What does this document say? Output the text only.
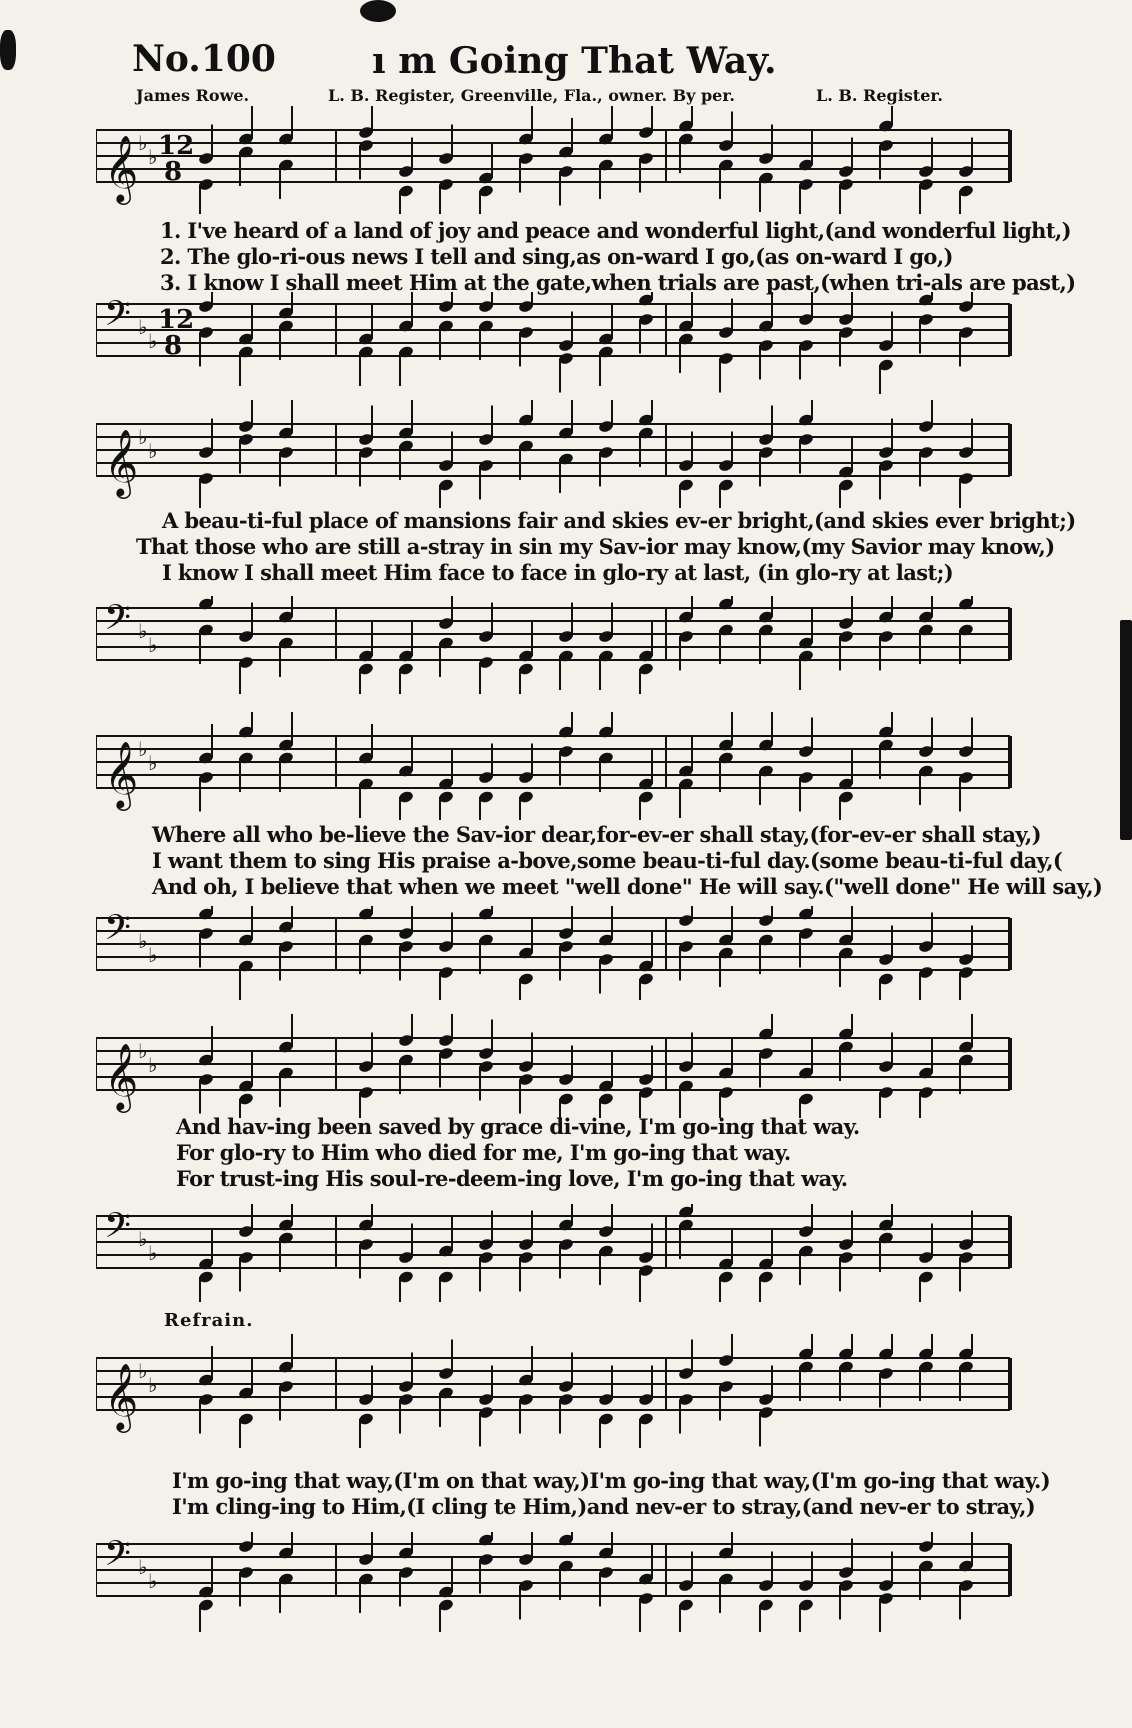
No.100	ı m Going That Way.
James Rowe.	L. B. Register, Greenville, Fla., owner. By per.	L. B. Register.
𝄞 ♭
♭ 12
8
1. I've heard of a land of joy and peace and wonderful light,(and wonderful light,)
2. The glo-ri-ous news I tell and sing,as on-ward I go,(as on-ward I go,)
3. I know I shall meet Him at the gate,when trials are past,(when tri-als are past,)
𝄢 ♭
♭
12
8
𝄞 ♭
♭
A beau-ti-ful place of mansions fair and skies ev-er bright,(and skies ever bright;)
That those who are still a-stray in sin my Sav-ior may know,(my Savior may know,)
I know I shall meet Him face to face in glo-ry at last, (in glo-ry at last;)
𝄢 ♭
♭
𝄞 ♭
♭
Where all who be-lieve the Sav-ior dear,for-ev-er shall stay,(for-ev-er shall stay,)
I want them to sing His praise a-bove,some beau-ti-ful day.(some beau-ti-ful day,(
And oh, I believe that when we meet "well done" He will say.("well done" He will say,)
𝄢 ♭
♭
𝄞 ♭
♭
And hav-ing been saved by grace di-vine, I'm go-ing that way.
For glo-ry to Him who died for me, I'm go-ing that way.
For trust-ing His soul-re-deem-ing love, I'm go-ing that way.
𝄢 ♭
♭
Refrain.
𝄞 ♭
♭
I'm go-ing that way,(I'm on that way,)I'm go-ing that way,(I'm go-ing that way.)
I'm cling-ing to Him,(I cling te Him,)and nev-er to stray,(and nev-er to stray,)
𝄢 ♭
♭
